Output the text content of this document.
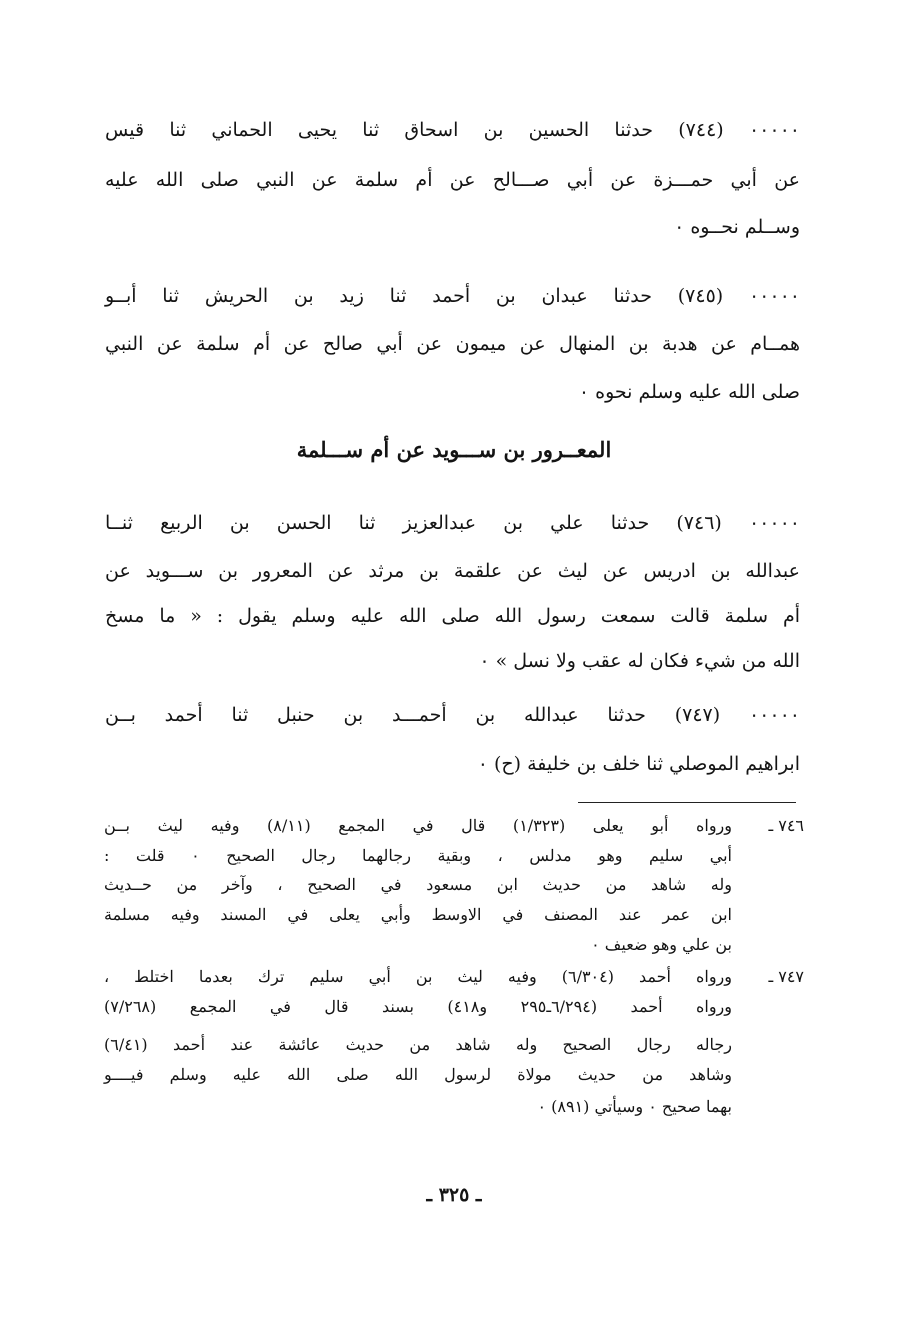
٠٠٠٠٠ (٧٤٤) حدثنا الحسين بن اسحاق ثنا يحيى الحماني ثنا قيس
عن أبي حمـــزة عن أبي صـــالح عن أم سلمة عن النبي صلى الله عليه
وســلم نحــوه ٠
٠٠٠٠٠ (٧٤٥) حدثنا عبدان بن أحمد ثنا زيد بن الحريش ثنا أبــو
همــام عن هدبة بن المنهال عن ميمون عن أبي صالح عن أم سلمة عن النبي
صلى الله عليه وسلم نحوه ٠
المعــرور بن ســـويد عن أم ســـلمة
٠٠٠٠٠ (٧٤٦) حدثنا علي بن عبدالعزيز ثنا الحسن بن الربيع ثنــا
عبدالله بن ادريس عن ليث عن علقمة بن مرثد عن المعرور بن ســـويد عن
أم سلمة قالت سمعت رسول الله صلى الله عليه وسلم يقول : « ما مسخ
الله من شيء فكان له عقب ولا نسل » ٠
٠٠٠٠٠ (٧٤٧) حدثنا عبدالله بن أحمـــد بن حنبل ثنا أحمد بــن
ابراهيم الموصلي ثنا خلف بن خليفة (ح) ٠
٧٤٦ ـ
ورواه أبو يعلى (١/٣٢٣) قال في المجمع (٨/١١) وفيه ليث بــن
أبي سليم وهو مدلس ، وبقية رجالهما رجال الصحيح ٠ قلت :
وله شاهد من حديث ابن مسعود في الصحيح ، وآخر من حــديث
ابن عمر عند المصنف في الاوسط وأبي يعلى في المسند وفيه مسلمة
بن علي وهو ضعيف ٠
٧٤٧ ـ
ورواه أحمد (٦/٣٠٤) وفيه ليث بن أبي سليم ترك بعدما اختلط ،
ورواه أحمد (٦/٢٩٤ـ٢٩٥ و٤١٨) بسند قال في المجمع (٧/٢٦٨)
رجاله رجال الصحيح وله شاهد من حديث عائشة عند أحمد (٦/٤١)
وشاهد من حديث مولاة لرسول الله صلى الله عليه وسلم فيــــو
بهما صحيح ٠ وسيأتي (٨٩١) ٠
ـ ٣٢٥ ـ
